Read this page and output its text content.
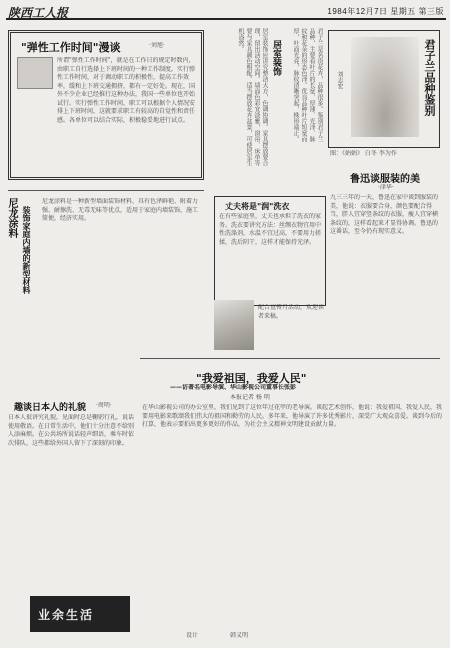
陕西工人报	1984年12月7日 星期五 第三版
"弹性工作时间"漫谈	·刘旭·
所谓"弹性工作时间"，就是在工作日的规定时数内，由职工自行选择上下班时间的一种工作制度。实行弹性工作时间，对于调动职工的积极性，提高工作效率，缓和上下班交通拥挤，都有一定好处。现在，国外不少企业已经推行这种办法，我国一些单位也开始试行。实行弹性工作时间，职工可以根据个人情况安排上下班时间，这就要求职工有较高的自觉性和责任感。各单位可以结合实际，积极稳妥地进行试点。	居室装饰应讲究整洁大方，色调协调。家具摆放要合理，留出活动空间。墙面色彩宜淡雅，窗帘、床单等要与家具颜色相配。适当摆放花卉盆景，可使居室生机盎然。	居室装饰	君子兰是名贵花卉，品种很多。鉴别君子兰品种，主要看叶片的长宽、厚薄、光泽、脉纹和花朵的形态色泽。优良品种叶片短宽而厚，叶面光亮，脉纹清晰突起，株形端正。	君子兰品种鉴别
刘志宏
图：《娟娟》 白冬 李为作
鲁迅谈服装的美
·津华·
九三三年的一天，鲁迅在家中谈到服装的美，他说：衣服要合身，颜色要配合得当，胖人宜穿竖条纹的衣服，瘦人宜穿横条纹的，这样看起来才显得协调。鲁迅的这番话，至今仍有现实意义。
尼龙涂料 装饰家庭内墙的新型材料
尼龙涂料是一种新型墙面装饰材料，具有色泽鲜艳、附着力强、耐擦洗、无毒无味等优点，适用于家庭内墙装饰，施工简便，经济实用。
丈夫将是"润"洗衣
在有些家庭里，丈夫也承担了洗衣的家务。洗衣要讲究方法：丝绸衣物宜用中性洗涤剂，水温不宜过高，不要用力搓揉，洗后阴干，这样才能保持光泽。
配合宣传月活动，欢迎读者来稿。
"我爱祖国，我爱人民"
——访著名电影导演、华山影视公司董事长张彭
本报记者 杨 明
在华山影视公司的办公室里，我们见到了这位年过花甲的老导演。谈起艺术创作，他说：我爱祖国，我爱人民，我要用电影来歌颂我们伟大的祖国和勤劳的人民。多年来，他导演了许多优秀影片，深受广大观众喜爱。谈到今后的打算，他表示要拍出更多更好的作品，为社会主义精神文明建设贡献力量。
趣谈日本人的礼貌 ·周明·
日本人很讲究礼貌，见面时总是鞠躬行礼，说话使用敬语。在日常生活中，他们十分注意不给别人添麻烦。在公共场所说话轻声细语，乘车时依次排队，这些都给外国人留下了深刻的印象。
业余生活
设计	韩义明
